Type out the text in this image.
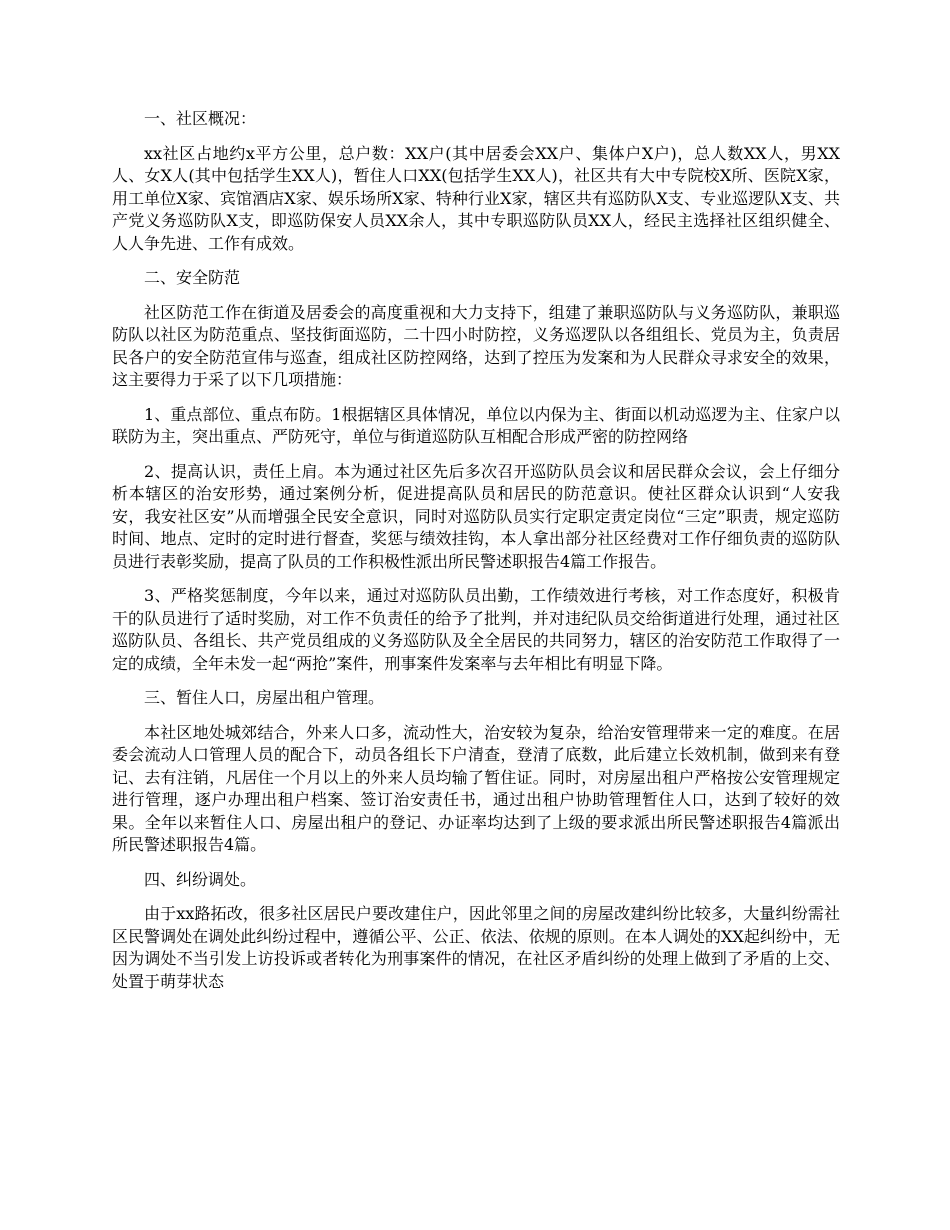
一、社区概况：

xx社区占地约x平方公里，总户数：XX户(其中居委会XX户、集体户X户)，总人数XX人，男XX人、女X人(其中包括学生XX人)，暂住人口XX(包括学生XX人)，社区共有大中专院校X所、医院X家，用工单位X家、宾馆酒店X家、娱乐场所X家、特种行业X家，辖区共有巡防队X支、专业巡逻队X支、共产党义务巡防队X支，即巡防保安人员XX余人，其中专职巡防队员XX人，经民主选择社区组织健全、人人争先进、工作有成效。

二、安全防范

社区防范工作在街道及居委会的高度重视和大力支持下，组建了兼职巡防队与义务巡防队，兼职巡防队以社区为防范重点、坚技街面巡防，二十四小时防控，义务巡逻队以各组组长、党员为主，负责居民各户的安全防范宣伟与巡查，组成社区防控网络，达到了控压为发案和为人民群众寻求安全的效果，这主要得力于采了以下几项措施：

1、重点部位、重点布防。1根据辖区具体情况，单位以内保为主、街面以机动巡逻为主、住家户以联防为主，突出重点、严防死守，单位与街道巡防队互相配合形成严密的防控网络

2、提高认识，责任上肩。本为通过社区先后多次召开巡防队员会议和居民群众会议，会上仔细分析本辖区的治安形势，通过案例分析，促进提高队员和居民的防范意识。使社区群众认识到“人安我安，我安社区安”从而增强全民安全意识，同时对巡防队员实行定职定责定岗位“三定”职责，规定巡防时间、地点、定时的定时进行督查，奖惩与绩效挂钩，本人拿出部分社区经费对工作仔细负责的巡防队员进行表彰奖励，提高了队员的工作积极性派出所民警述职报告4篇工作报告。

3、严格奖惩制度，今年以来，通过对巡防队员出勤，工作绩效进行考核，对工作态度好，积极肯干的队员进行了适时奖励，对工作不负责任的给予了批判，并对违纪队员交给街道进行处理，通过社区巡防队员、各组长、共产党员组成的义务巡防队及全全居民的共同努力，辖区的治安防范工作取得了一定的成绩，全年未发一起“两抢”案件，刑事案件发案率与去年相比有明显下降。

三、暂住人口，房屋出租户管理。

本社区地处城郊结合，外来人口多，流动性大，治安较为复杂，给治安管理带来一定的难度。在居委会流动人口管理人员的配合下，动员各组长下户清查，登清了底数，此后建立长效机制，做到来有登记、去有注销，凡居住一个月以上的外来人员均输了暂住证。同时，对房屋出租户严格按公安管理规定进行管理，逐户办理出租户档案、签订治安责任书，通过出租户协助管理暂住人口，达到了较好的效果。全年以来暂住人口、房屋出租户的登记、办证率均达到了上级的要求派出所民警述职报告4篇派出所民警述职报告4篇。

四、纠纷调处。

由于xx路拓改，很多社区居民户要改建住户，因此邻里之间的房屋改建纠纷比较多，大量纠纷需社区民警调处在调处此纠纷过程中，遵循公平、公正、依法、依规的原则。在本人调处的XX起纠纷中，无因为调处不当引发上访投诉或者转化为刑事案件的情况，在社区矛盾纠纷的处理上做到了矛盾的上交、处置于萌芽状态
